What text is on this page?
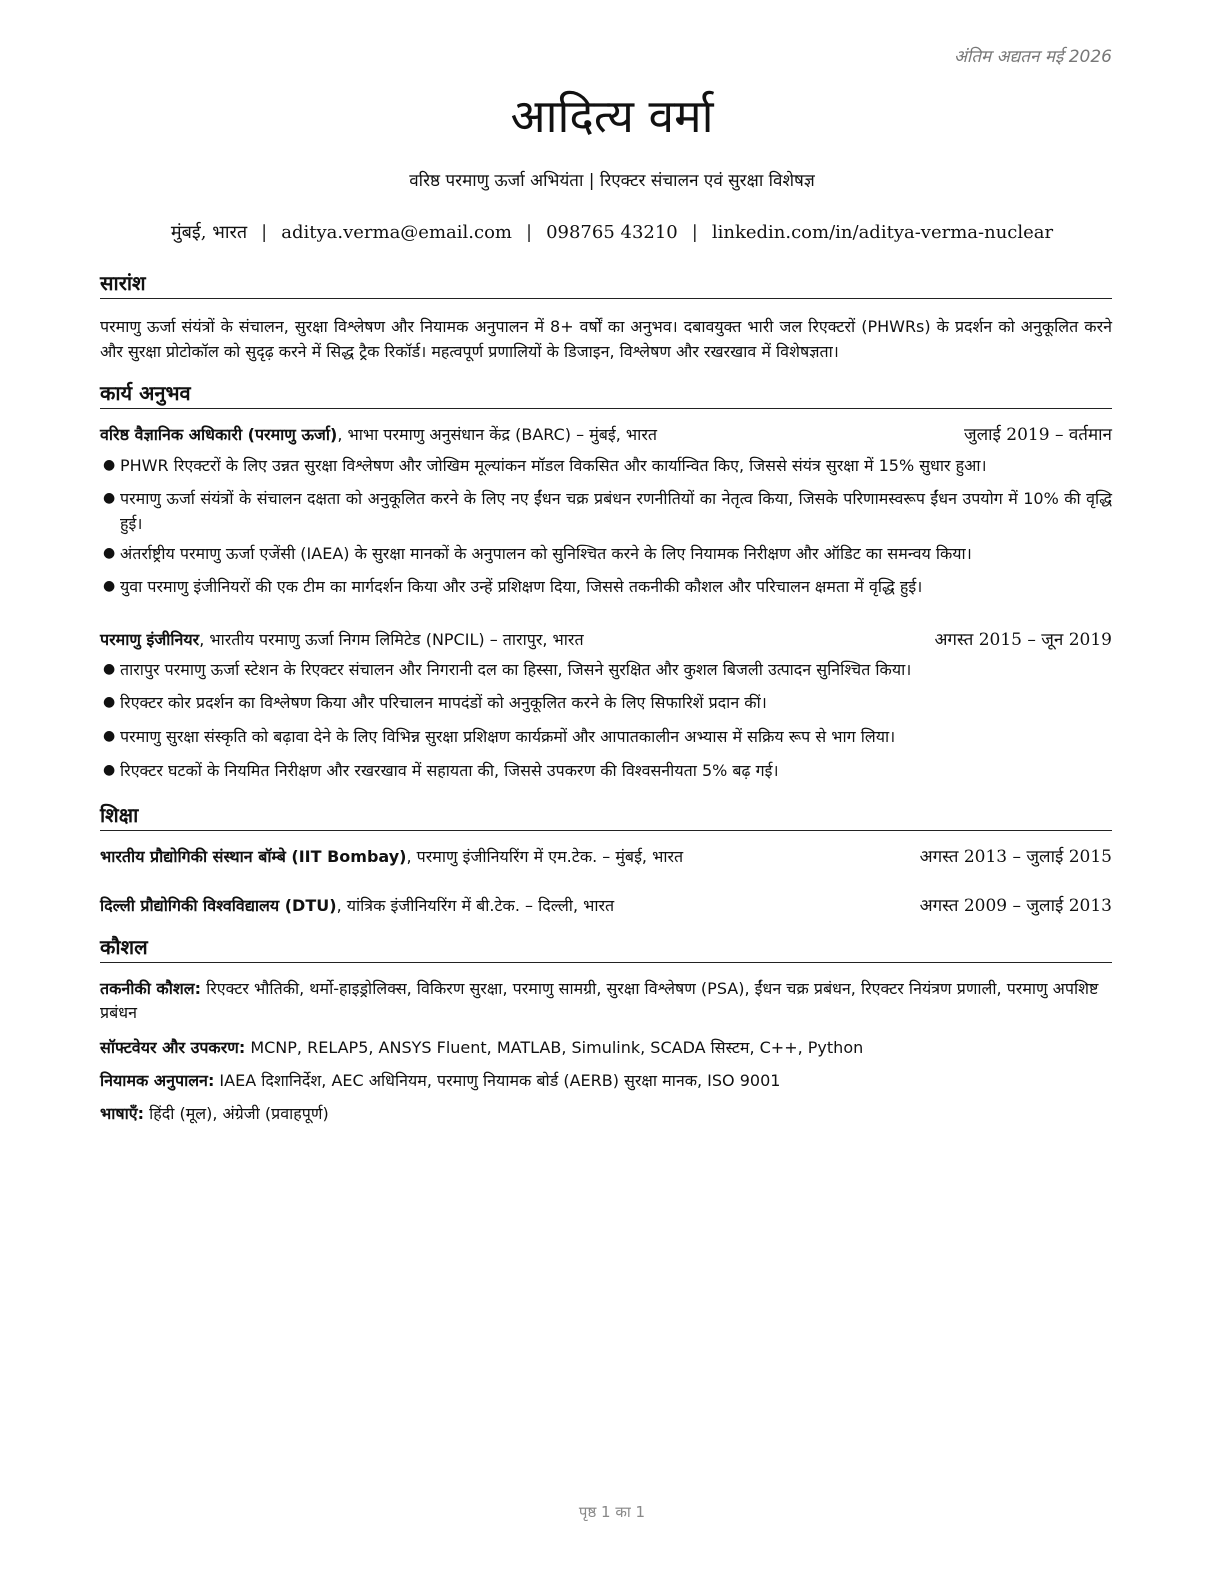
अंतिम अद्यतन मई 2026
आदित्य वर्मा
वरिष्ठ परमाणु ऊर्जा अभियंता | रिएक्टर संचालन एवं सुरक्षा विशेषज्ञ
मुंबई, भारत | aditya.verma@email.com | 098765 43210 | linkedin.com/in/aditya-verma-nuclear
सारांश
परमाणु ऊर्जा संयंत्रों के संचालन, सुरक्षा विश्लेषण और नियामक अनुपालन में 8+ वर्षों का अनुभव। दबावयुक्त भारी जल रिएक्टरों (PHWRs) के प्रदर्शन को अनुकूलित करने और सुरक्षा प्रोटोकॉल को सुदृढ़ करने में सिद्ध ट्रैक रिकॉर्ड। महत्वपूर्ण प्रणालियों के डिजाइन, विश्लेषण और रखरखाव में विशेषज्ञता।
कार्य अनुभव
वरिष्ठ वैज्ञानिक अधिकारी (परमाणु ऊर्जा), भाभा परमाणु अनुसंधान केंद्र (BARC) – मुंबई, भारत	जुलाई 2019 – वर्तमान
● PHWR रिएक्टरों के लिए उन्नत सुरक्षा विश्लेषण और जोखिम मूल्यांकन मॉडल विकसित और कार्यान्वित किए, जिससे संयंत्र सुरक्षा में 15% सुधार हुआ।
● परमाणु ऊर्जा संयंत्रों के संचालन दक्षता को अनुकूलित करने के लिए नए ईंधन चक्र प्रबंधन रणनीतियों का नेतृत्व किया, जिसके परिणामस्वरूप ईंधन उपयोग में 10% की वृद्धि हुई।
● अंतर्राष्ट्रीय परमाणु ऊर्जा एजेंसी (IAEA) के सुरक्षा मानकों के अनुपालन को सुनिश्चित करने के लिए नियामक निरीक्षण और ऑडिट का समन्वय किया।
● युवा परमाणु इंजीनियरों की एक टीम का मार्गदर्शन किया और उन्हें प्रशिक्षण दिया, जिससे तकनीकी कौशल और परिचालन क्षमता में वृद्धि हुई।
परमाणु इंजीनियर, भारतीय परमाणु ऊर्जा निगम लिमिटेड (NPCIL) – तारापुर, भारत	अगस्त 2015 – जून 2019
● तारापुर परमाणु ऊर्जा स्टेशन के रिएक्टर संचालन और निगरानी दल का हिस्सा, जिसने सुरक्षित और कुशल बिजली उत्पादन सुनिश्चित किया।
● रिएक्टर कोर प्रदर्शन का विश्लेषण किया और परिचालन मापदंडों को अनुकूलित करने के लिए सिफारिशें प्रदान कीं।
● परमाणु सुरक्षा संस्कृति को बढ़ावा देने के लिए विभिन्न सुरक्षा प्रशिक्षण कार्यक्रमों और आपातकालीन अभ्यास में सक्रिय रूप से भाग लिया।
● रिएक्टर घटकों के नियमित निरीक्षण और रखरखाव में सहायता की, जिससे उपकरण की विश्वसनीयता 5% बढ़ गई।
शिक्षा
भारतीय प्रौद्योगिकी संस्थान बॉम्बे (IIT Bombay), परमाणु इंजीनियरिंग में एम.टेक. – मुंबई, भारत	अगस्त 2013 – जुलाई 2015
दिल्ली प्रौद्योगिकी विश्वविद्यालय (DTU), यांत्रिक इंजीनियरिंग में बी.टेक. – दिल्ली, भारत	अगस्त 2009 – जुलाई 2013
कौशल
तकनीकी कौशल: रिएक्टर भौतिकी, थर्मो-हाइड्रोलिक्स, विकिरण सुरक्षा, परमाणु सामग्री, सुरक्षा विश्लेषण (PSA), ईंधन चक्र प्रबंधन, रिएक्टर नियंत्रण प्रणाली, परमाणु अपशिष्ट प्रबंधन
सॉफ्टवेयर और उपकरण: MCNP, RELAP5, ANSYS Fluent, MATLAB, Simulink, SCADA सिस्टम, C++, Python
नियामक अनुपालन: IAEA दिशानिर्देश, AEC अधिनियम, परमाणु नियामक बोर्ड (AERB) सुरक्षा मानक, ISO 9001
भाषाएँ: हिंदी (मूल), अंग्रेजी (प्रवाहपूर्ण)
पृष्ठ 1 का 1
